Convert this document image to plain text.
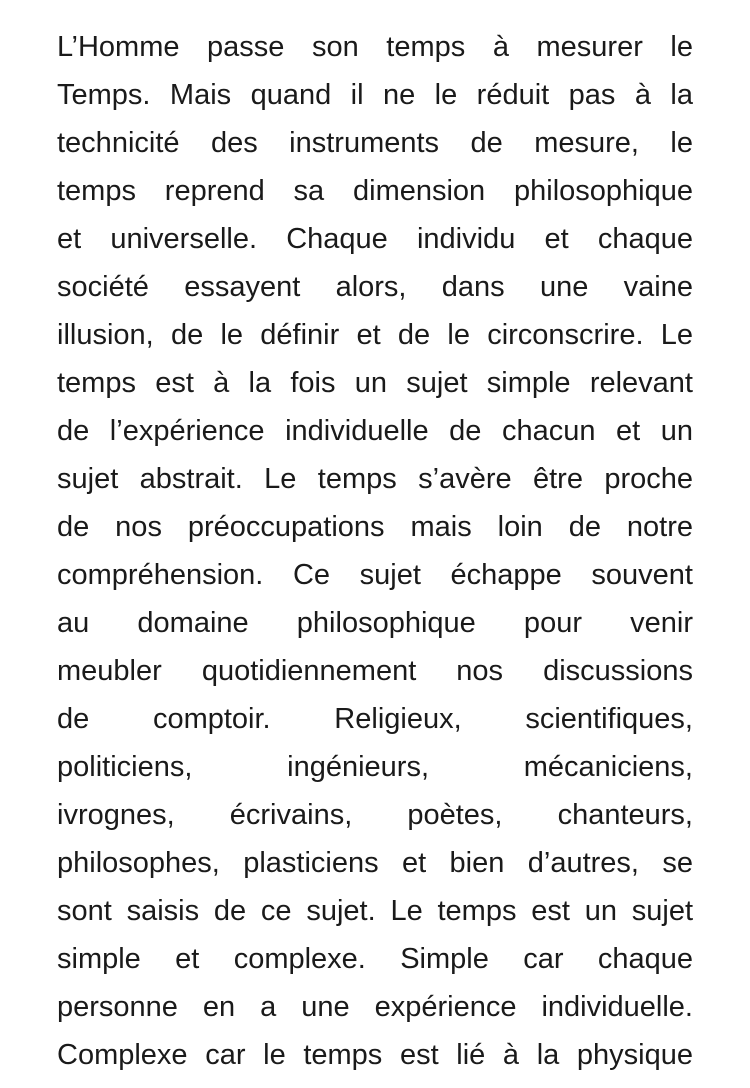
L’Homme passe son temps à mesurer le
Temps. Mais quand il ne le réduit pas à la
technicité des instruments de mesure, le
temps reprend sa dimension philosophique
et universelle. Chaque individu et chaque
société essayent alors, dans une vaine
illusion, de le définir et de le circonscrire. Le
temps est à la fois un sujet simple relevant
de l’expérience individuelle de chacun et un
sujet abstrait. Le temps s’avère être proche
de nos préoccupations mais loin de notre
compréhension. Ce sujet échappe souvent
au domaine philosophique pour venir
meubler quotidiennement nos discussions
de comptoir. Religieux, scientifiques,
politiciens, ingénieurs, mécaniciens,
ivrognes, écrivains, poètes, chanteurs,
philosophes, plasticiens et bien d’autres, se
sont saisis de ce sujet. Le temps est un sujet
simple et complexe. Simple car chaque
personne en a une expérience individuelle.
Complexe car le temps est lié à la physique
